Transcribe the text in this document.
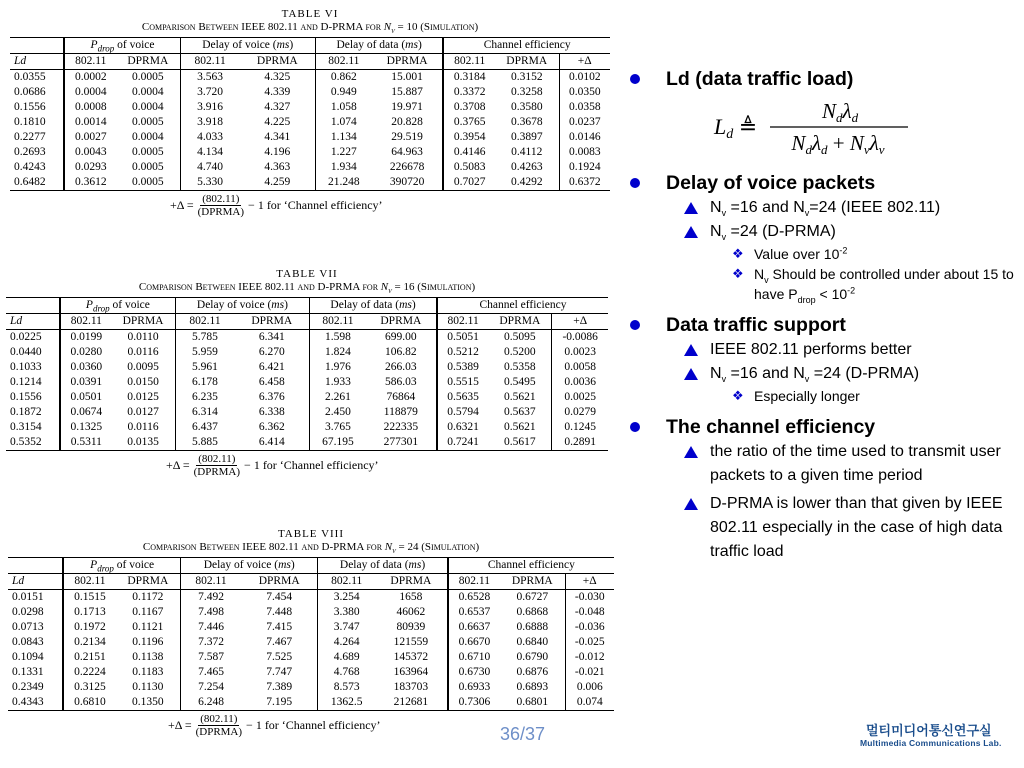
TABLE VI
Comparison Between IEEE 802.11 and D-PRMA for $N_v = 10$ (Simulation)
	$P_{drop}$ of voice		Delay of voice (ms)		Delay of data (ms)		Channel efficiency		
Ld	802.11	DPRMA	802.11	DPRMA	802.11	DPRMA	802.11	DPRMA	+Δ
0.0355	0.0002	0.0005	3.563	4.325	0.862	15.001	0.3184	0.3152	0.0102
0.0686	0.0004	0.0004	3.720	4.339	0.949	15.887	0.3372	0.3258	0.0350
0.1556	0.0008	0.0004	3.916	4.327	1.058	19.971	0.3708	0.3580	0.0358
0.1810	0.0014	0.0005	3.918	4.225	1.074	20.828	0.3765	0.3678	0.0237
0.2277	0.0027	0.0004	4.033	4.341	1.134	29.519	0.3954	0.3897	0.0146
0.2693	0.0043	0.0005	4.134	4.196	1.227	64.963	0.4146	0.4112	0.0083
0.4243	0.0293	0.0005	4.740	4.363	1.934	226678	0.5083	0.4263	0.1924
0.6482	0.3612	0.0005	5.330	4.259	21.248	390720	0.7027	0.4292	0.6372
$+\Delta = \frac{(802.11)}{\text{(DPRMA)}} - 1$ for ‘Channel efficiency’
TABLE VII
Comparison Between IEEE 802.11 and D-PRMA for $N_v = 16$ (Simulation)
	$P_{drop}$ of voice		Delay of voice (ms)		Delay of data (ms)		Channel efficiency		
Ld	802.11	DPRMA	802.11	DPRMA	802.11	DPRMA	802.11	DPRMA	+Δ
0.0225	0.0199	0.0110	5.785	6.341	1.598	699.00	0.5051	0.5095	-0.0086
0.0440	0.0280	0.0116	5.959	6.270	1.824	106.82	0.5212	0.5200	0.0023
0.1033	0.0360	0.0095	5.961	6.421	1.976	266.03	0.5389	0.5358	0.0058
0.1214	0.0391	0.0150	6.178	6.458	1.933	586.03	0.5515	0.5495	0.0036
0.1556	0.0501	0.0125	6.235	6.376	2.261	76864	0.5635	0.5621	0.0025
0.1872	0.0674	0.0127	6.314	6.338	2.450	118879	0.5794	0.5637	0.0279
0.3154	0.1325	0.0116	6.437	6.362	3.765	222335	0.6321	0.5621	0.1245
0.5352	0.5311	0.0135	5.885	6.414	67.195	277301	0.7241	0.5617	0.2891
$+\Delta = \frac{(802.11)}{\text{(DPRMA)}} - 1$ for ‘Channel efficiency’
TABLE VIII
Comparison Between IEEE 802.11 and D-PRMA for $N_v = 24$ (Simulation)
	$P_{drop}$ of voice		Delay of voice (ms)		Delay of data (ms)		Channel efficiency		
Ld	802.11	DPRMA	802.11	DPRMA	802.11	DPRMA	802.11	DPRMA	+Δ
0.0151	0.1515	0.1172	7.492	7.454	3.254	1658	0.6528	0.6727	-0.030
0.0298	0.1713	0.1167	7.498	7.448	3.380	46062	0.6537	0.6868	-0.048
0.0713	0.1972	0.1121	7.446	7.415	3.747	80939	0.6637	0.6888	-0.036
0.0843	0.2134	0.1196	7.372	7.467	4.264	121559	0.6670	0.6840	-0.025
0.1094	0.2151	0.1138	7.587	7.525	4.689	145372	0.6710	0.6790	-0.012
0.1331	0.2224	0.1183	7.465	7.747	4.768	163964	0.6730	0.6876	-0.021
0.2349	0.3125	0.1130	7.254	7.389	8.573	183703	0.6933	0.6893	0.006
0.4343	0.6810	0.1350	6.248	7.195	1362.5	212681	0.7306	0.6801	0.074
$+\Delta = \frac{(802.11)}{\text{(DPRMA)}} - 1$ for ‘Channel efficiency’
Ld (data traffic load)
Delay of voice packets
$N_v =16$ and $N_v=24$ (IEEE 802.11)
$N_v =24$ (D-PRMA)
❖ Value over $10^{-2}$
❖ $N_v$ Should be controlled under about 15 to have $P_{drop} < 10^{-2}$
Data traffic support
IEEE 802.11 performs better
$N_v =16$ and $N_v =24$ (D-PRMA)
❖ Especially longer
The channel efficiency
the ratio of the time used to transmit user packets to a given time period
D-PRMA is lower than that given by IEEE 802.11 especially in the case of high data traffic load
Ld ≜
Ndλd
Ndλd + Nvλv
36/37	멀티미디어통신연구실
Multimedia Communications Lab.
